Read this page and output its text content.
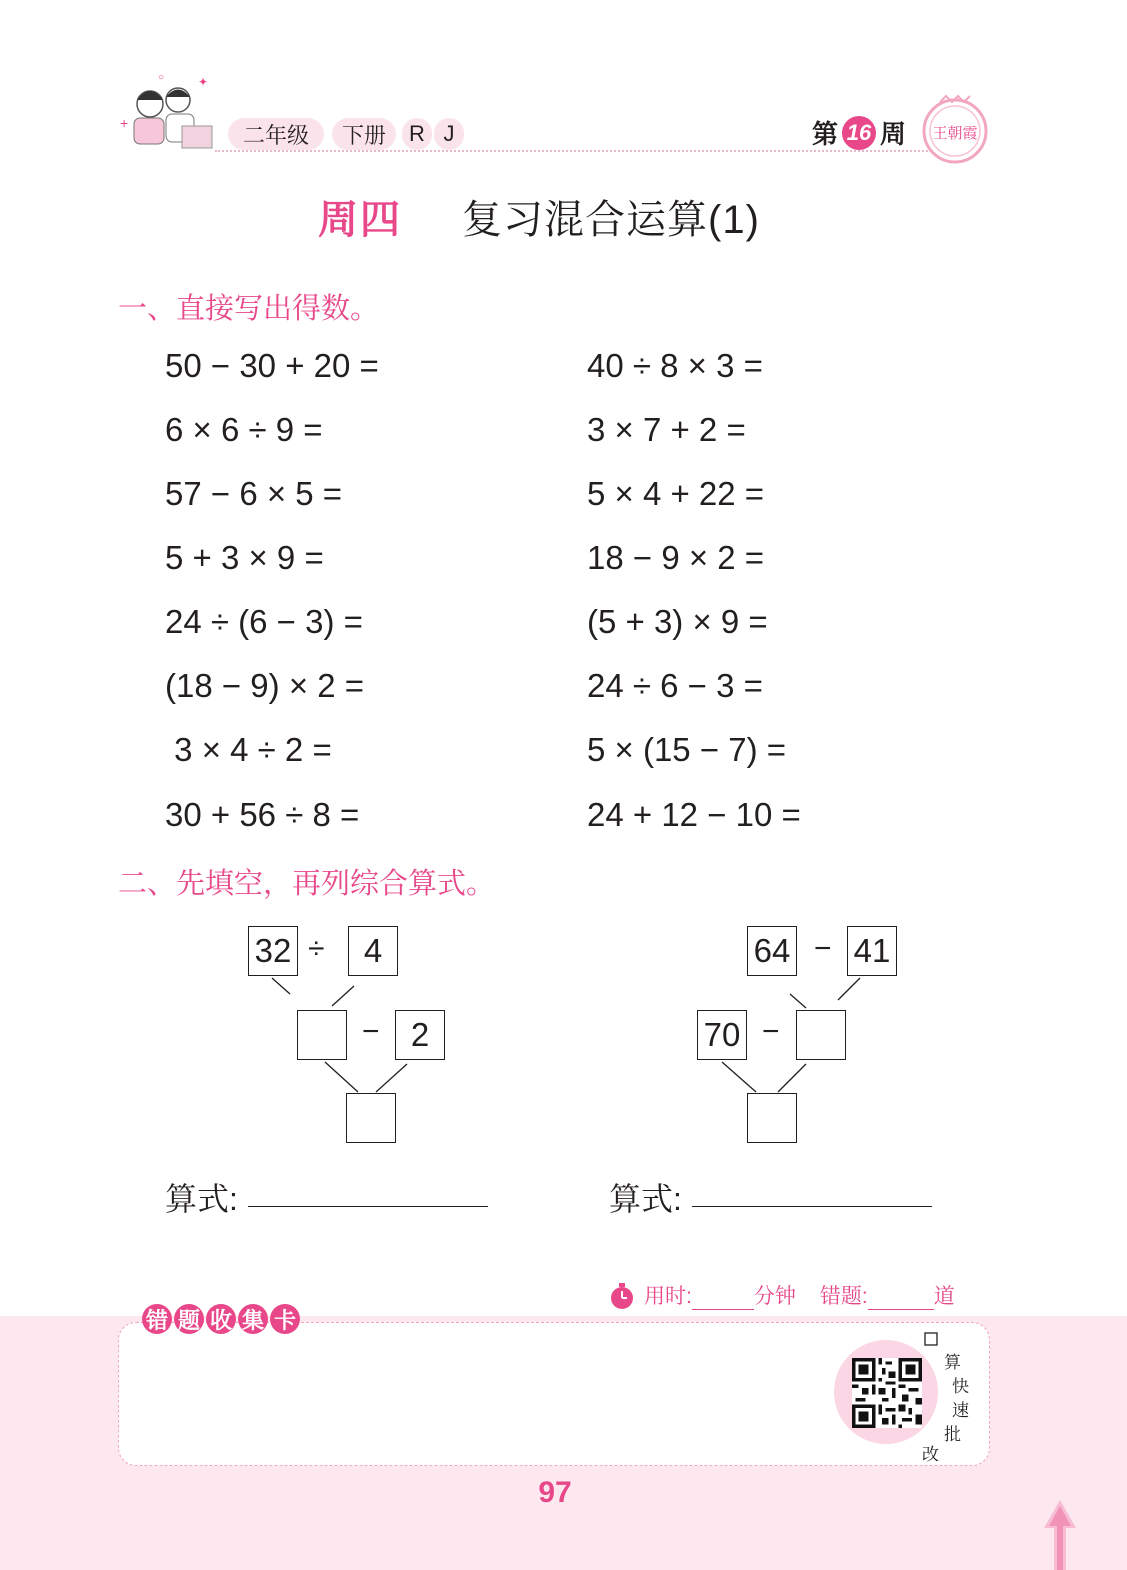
+
✦
○
二年级 下册 R J	第 16 周 王朝霞
周四 复习混合运算(1)
一、直接写出得数。
50 − 30 + 20 =
6 × 6 ÷ 9 =
57 − 6 × 5 =
5 + 3 × 9 =
24 ÷ (6 − 3) =
(18 − 9) × 2 =
3 × 4 ÷ 2 =
30 + 56 ÷ 8 =
40 ÷ 8 × 3 =
3 × 7 + 2 =
5 × 4 + 22 =
18 − 9 × 2 =
(5 + 3) × 9 =
24 ÷ 6 − 3 =
5 × (15 − 7) =
24 + 12 − 10 =
二、先填空，再列综合算式。
32 ÷	4
− 2
64 − 41
70 −
算式:	算式:
用时:	分钟 错题:	道
错 题 收 集 卡
算
快
速
批
改
97
